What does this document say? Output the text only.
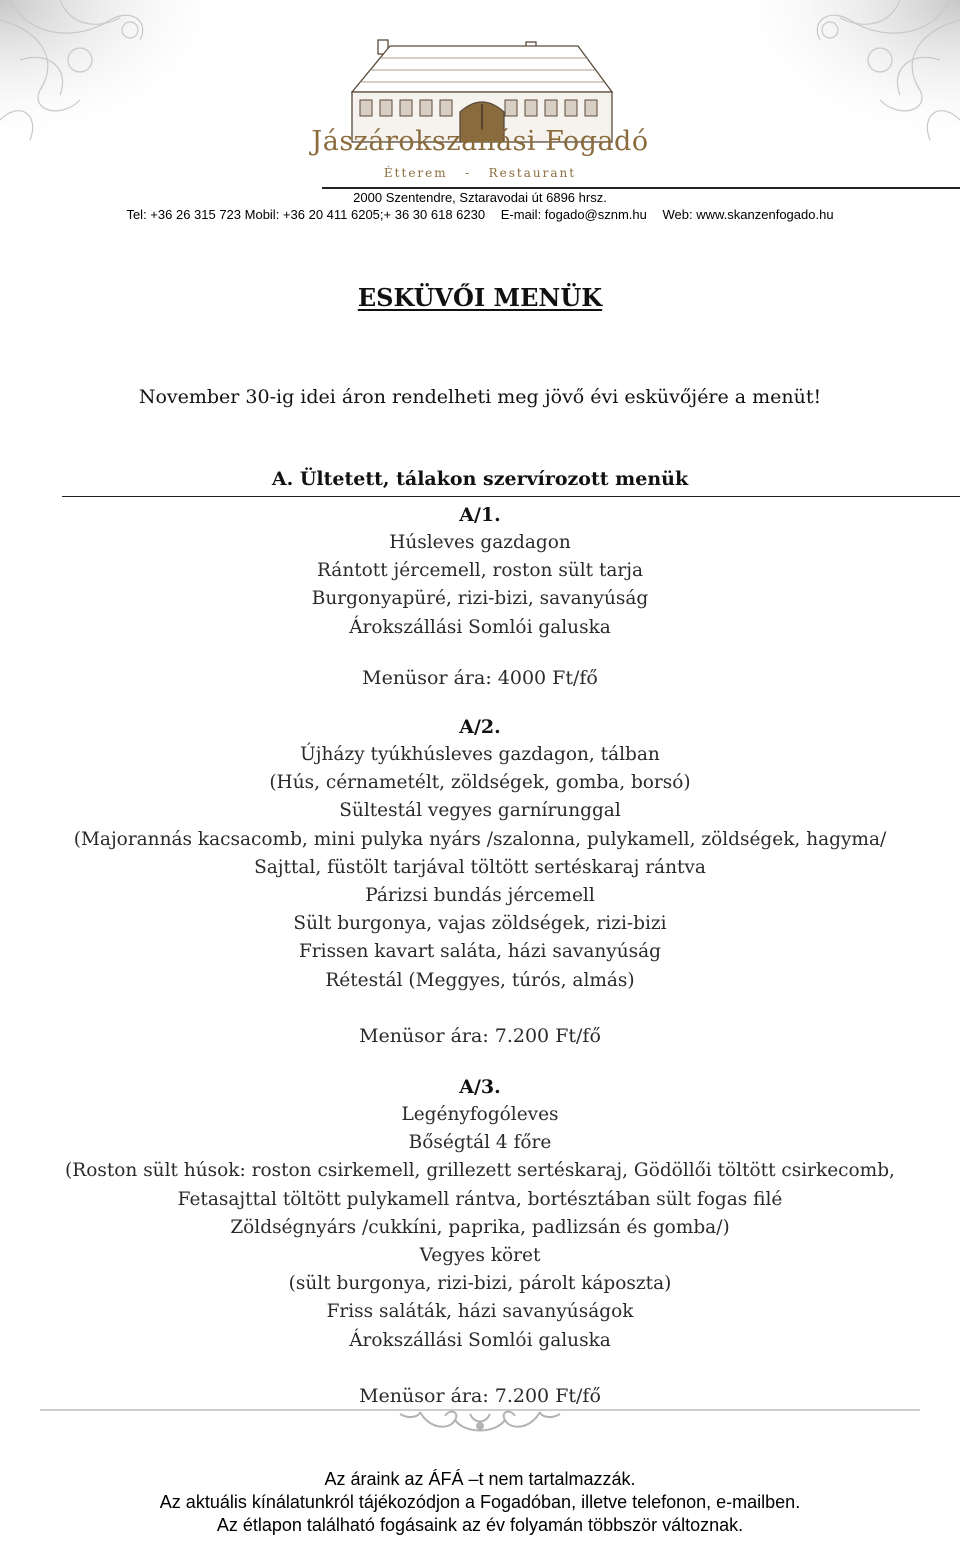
Jászárokszállási Fogadó
Étterem   -   Restaurant
2000 Szentendre, Sztaravodai út 6896 hrsz.
Tel: +36 26 315 723 Mobil: +36 20 411 6205;+ 36 30 618 6230 E-mail: fogado@sznm.hu Web: www.skanzenfogado.hu
ESKÜVŐI MENÜK

November 30-ig idei áron rendelheti meg jövő évi esküvőjére a menüt!

A. Ültetett, tálakon szervírozott menük
A/1.
Húsleves gazdagon
Rántott jércemell, roston sült tarja
Burgonyapüré, rizi-bizi, savanyúság
Árokszállási Somlói galuska
Menüsor ára: 4000 Ft/fő
A/2.
Újházy tyúkhúsleves gazdagon, tálban
(Hús, cérnametélt, zöldségek, gomba, borsó)
Sültestál vegyes garnírunggal
(Majorannás kacsacomb, mini pulyka nyárs /szalonna, pulykamell, zöldségek, hagyma/
Sajttal, füstölt tarjával töltött sertéskaraj rántva
Párizsi bundás jércemell
Sült burgonya, vajas zöldségek, rizi-bizi
Frissen kavart saláta, házi savanyúság
Rétestál (Meggyes, túrós, almás)
Menüsor ára: 7.200 Ft/fő
A/3.
Legényfogóleves
Bőségtál 4 főre
(Roston sült húsok: roston csirkemell, grillezett sertéskaraj, Gödöllői töltött csirkecomb,
Fetasajttal töltött pulykamell rántva, bortésztában sült fogas filé
Zöldségnyárs /cukkíni, paprika, padlizsán és gomba/)
Vegyes köret
(sült burgonya, rizi-bizi, párolt káposzta)
Friss saláták, házi savanyúságok
Árokszállási Somlói galuska
Menüsor ára: 7.200 Ft/fő
Az áraink az ÁFÁ –t nem tartalmazzák.
Az aktuális kínálatunkról tájékozódjon a Fogadóban, illetve telefonon, e-mailben.
Az étlapon található fogásaink az év folyamán többször változnak.
